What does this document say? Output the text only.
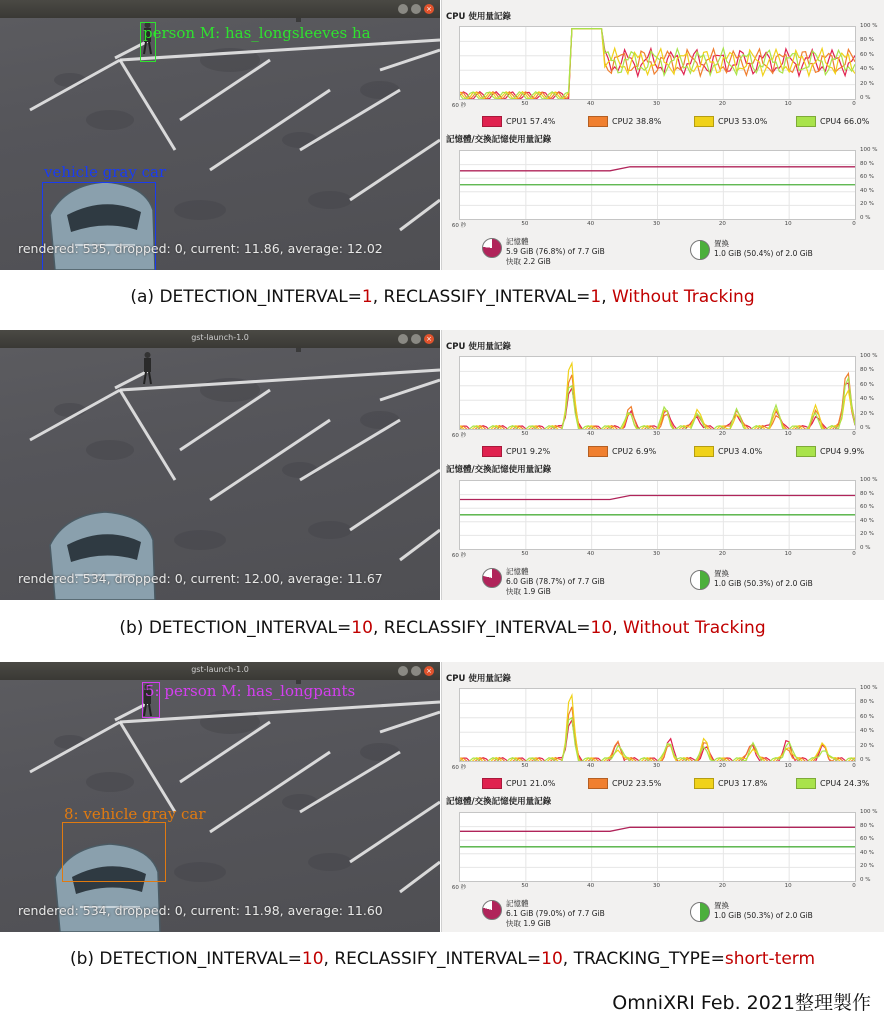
×
person M: has_longsleeves ha
vehicle gray car
rendered: 535, dropped: 0, current: 11.86, average: 12.02
CPU 使用量記錄
100 %
80 %
60 %
40 %
20 %
0 %
60 秒	50	40	30	20	10	0
CPU1 57.4%	CPU2 38.8%	CPU3 53.0%	CPU4 66.0%
記憶體/交換記憶使用量記錄
100 %
80 %
60 %
40 %
20 %
0 %
60 秒	50	40	30	20	10	0
記憶體
5.9 GiB (76.8%) of 7.7 GiB
快取 2.2 GiB
置換
1.0 GiB (50.4%) of 2.0 GiB
gst-launch-1.0	×
rendered: 534, dropped: 0, current: 12.00, average: 11.67
CPU 使用量記錄
100 %
80 %
60 %
40 %
20 %
0 %
60 秒	50	40	30	20	10	0
CPU1 9.2%	CPU2 6.9%	CPU3 4.0%	CPU4 9.9%
記憶體/交換記憶使用量記錄
100 %
80 %
60 %
40 %
20 %
0 %
60 秒	50	40	30	20	10	0
記憶體
6.0 GiB (78.7%) of 7.7 GiB
快取 1.9 GiB
置換
1.0 GiB (50.3%) of 2.0 GiB
gst-launch-1.0	×
5: person M: has_longpants
8: vehicle gray car
rendered: 534, dropped: 0, current: 11.98, average: 11.60
CPU 使用量記錄
100 %
80 %
60 %
40 %
20 %
0 %
60 秒	50	40	30	20	10	0
CPU1 21.0%	CPU2 23.5%	CPU3 17.8%	CPU4 24.3%
記憶體/交換記憶使用量記錄
100 %
80 %
60 %
40 %
20 %
0 %
60 秒	50	40	30	20	10	0
記憶體
6.1 GiB (79.0%) of 7.7 GiB
快取 1.9 GiB
置換
1.0 GiB (50.3%) of 2.0 GiB
(a) DETECTION_INTERVAL=1, RECLASSIFY_INTERVAL=1, Without Tracking
(b) DETECTION_INTERVAL=10, RECLASSIFY_INTERVAL=10, Without Tracking
(b) DETECTION_INTERVAL=10, RECLASSIFY_INTERVAL=10, TRACKING_TYPE=short-term
OmniXRI Feb. 2021整理製作
